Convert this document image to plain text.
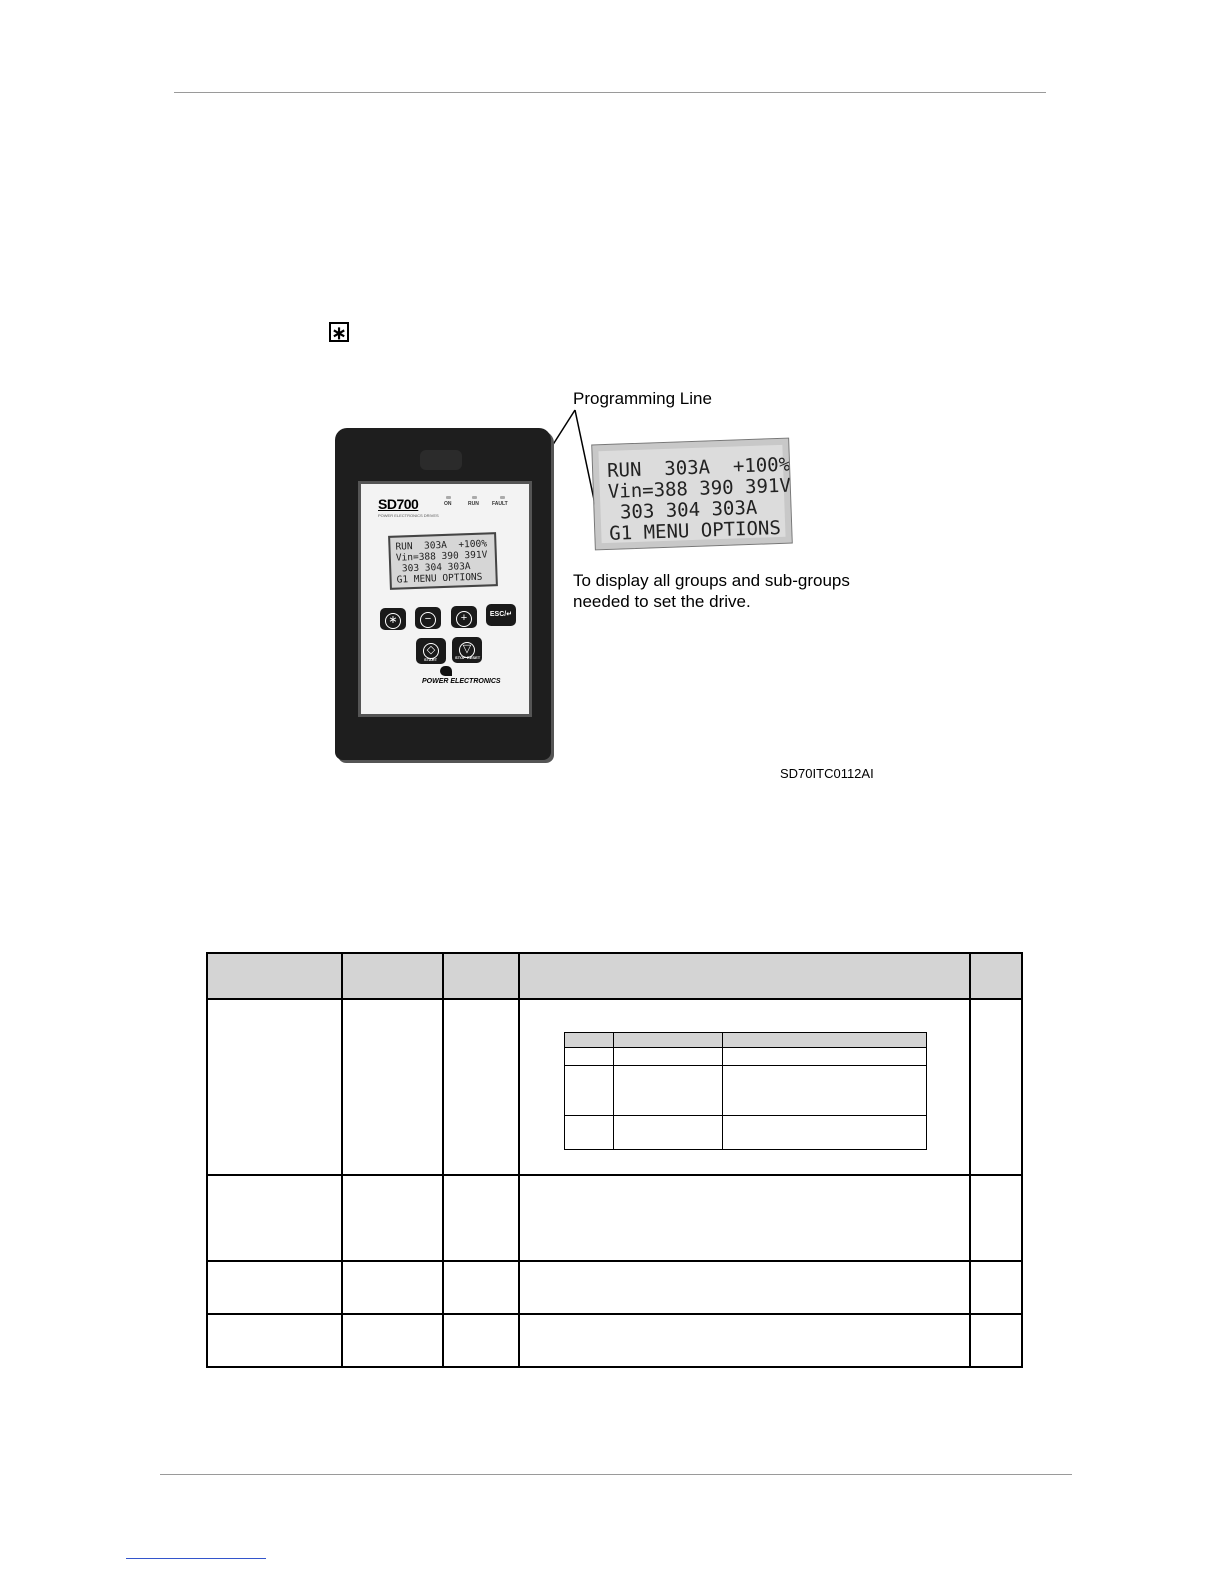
∗
Programming Line
SD700
POWER ELECTRONICS DRIVES
ON	RUN	FAULT
RUN  303A  +100%
Vin=388 390 391V
303 304 303A
G1 MENU OPTIONS
∗	−	+	ESC/↵
◇	▽
START	STOP RESET
POWER ELECTRONICS
RUN  303A  +100%
Vin=388 390 391V
303 304 303A
G1 MENU OPTIONS
To display all groups and sub-groups
needed to set the drive.
SD70ITC0112AI
